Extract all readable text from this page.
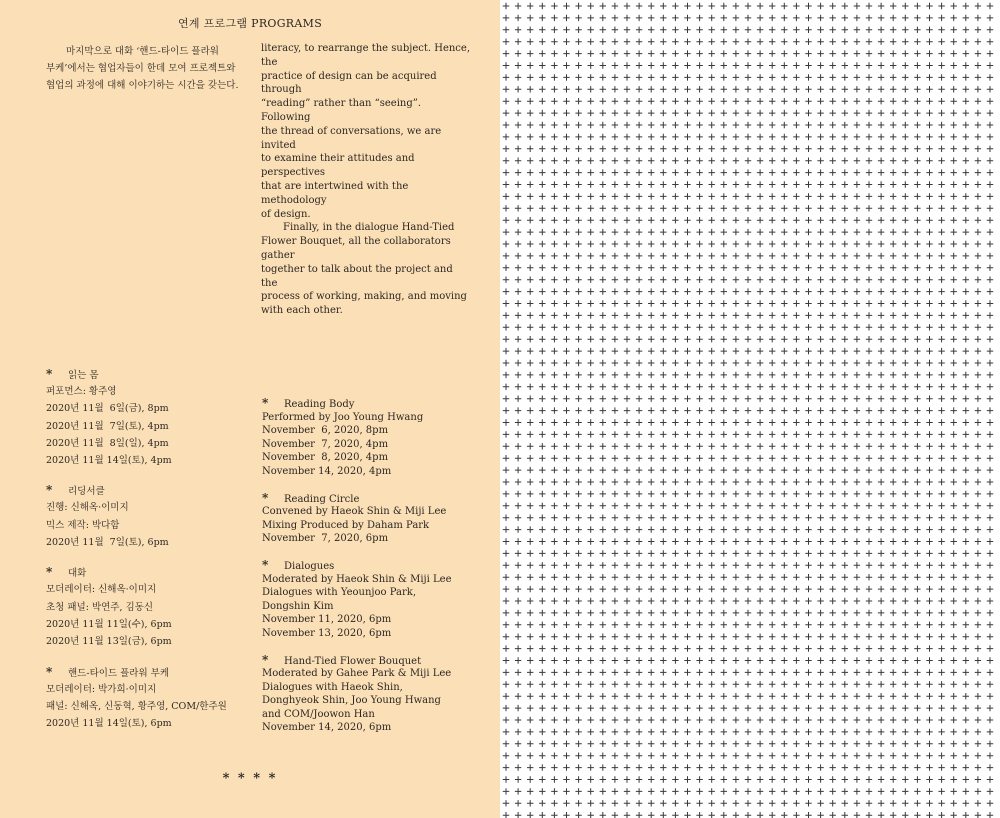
연계 프로그램 PROGRAMS
마지막으로 대화 ‘핸드-타이드 플라워
부케’에서는 협업자들이 한데 모여 프로젝트와
협업의 과정에 대해 이야기하는 시간을 갖는다.

literacy, to rearrange the subject. Hence, the
practice of design can be acquired through
“reading” rather than “seeing”. Following
the thread of conversations, we are invited
to examine their attitudes and perspectives
that are intertwined with the methodology
of design.

Finally, in the dialogue Hand-Tied
Flower Bouquet, all the collaborators gather
together to talk about the project and the
process of working, making, and moving
with each other.

* 읽는 몸
퍼포먼스: 황주영
2020년 11월  6일(금), 8pm
2020년 11월  7일(토), 4pm
2020년 11월  8일(일), 4pm
2020년 11월 14일(토), 4pm
* 리딩서클
진행: 신해옥·이미지
믹스 제작: 박다함
2020년 11월  7일(토), 6pm
* 대화
모더레이터: 신해옥·이미지
초청 패널: 박연주, 김동신
2020년 11월 11일(수), 6pm
2020년 11월 13일(금), 6pm
* 핸드-타이드 플라워 부케
모더레이터: 박가희·이미지
패널: 신해옥, 신동혁, 황주영, COM/한주원
2020년 11월 14일(토), 6pm
* Reading Body
Performed by Joo Young Hwang
November  6, 2020, 8pm
November  7, 2020, 4pm
November  8, 2020, 4pm
November 14, 2020, 4pm
* Reading Circle
Convened by Haeok Shin & Miji Lee
Mixing Produced by Daham Park
November  7, 2020, 6pm
* Dialogues
Moderated by Haeok Shin & Miji Lee
Dialogues with Yeounjoo Park,
Dongshin Kim
November 11, 2020, 6pm
November 13, 2020, 6pm
* Hand-Tied Flower Bouquet
Moderated by Gahee Park & Miji Lee
Dialogues with Haeok Shin,
Donghyeok Shin, Joo Young Hwang
and COM/Joowon Han
November 14, 2020, 6pm
* * * *
